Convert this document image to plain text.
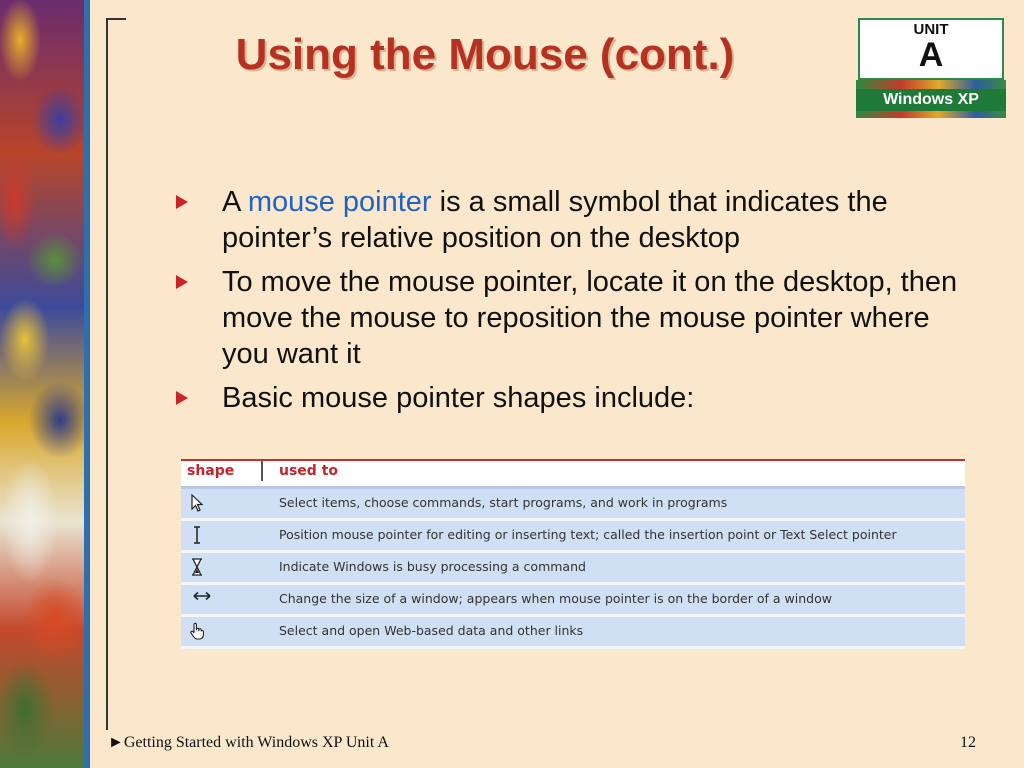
Using the Mouse (cont.)
UNIT
A
Windows XP
A mouse pointer is a small symbol that indicates the pointer’s relative position on the desktop
To move the mouse pointer, locate it on the desktop, then move the mouse to reposition the mouse pointer where you want it
Basic mouse pointer shapes include:
shape	used to
Select items, choose commands, start programs, and work in programs
Position mouse pointer for editing or inserting text; called the insertion point or Text Select pointer
Indicate Windows is busy processing a command
Change the size of a window; appears when mouse pointer is on the border of a window
Select and open Web-based data and other links
►Getting Started with Windows XP Unit A	12
